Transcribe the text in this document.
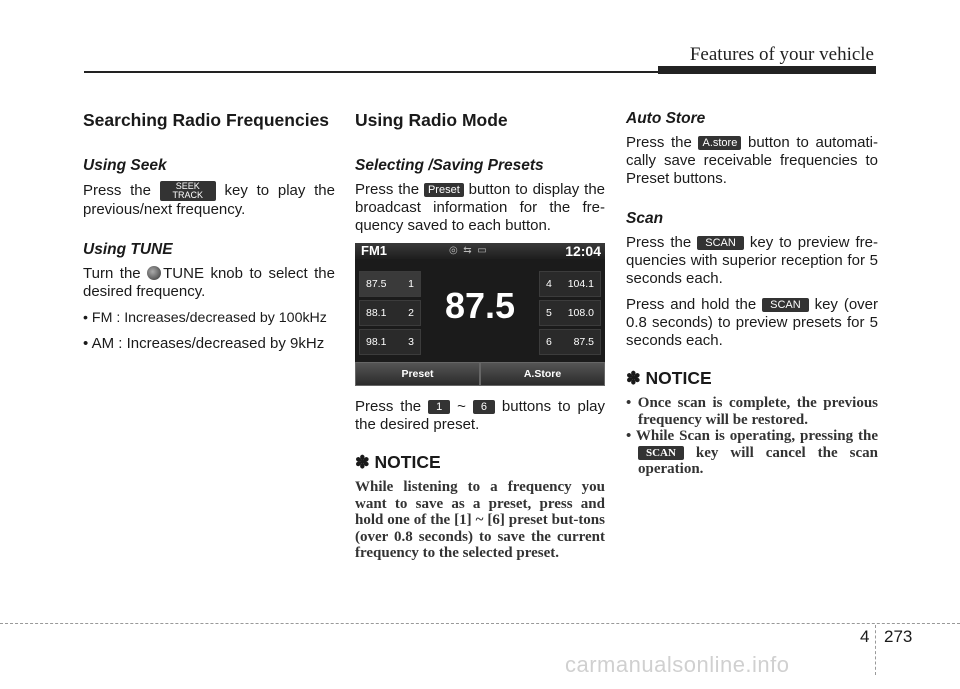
Features of your vehicle
Searching Radio Frequencies
Using Seek

Press the	SEEK
TRACK key to play the previous/next frequency.

Using TUNE

Turn the TUNE knob to select the desired frequency.

• FM : Increases/decreased by 100kHz

• AM : Increases/decreased by 9kHz

Using Radio Mode
Selecting /Saving Presets

Press the Preset button to display the broadcast information for the fre-quency saved to each button.

FM1	◎  ⇆  ▭	12:04
87.5
87.5 1
88.1 2
98.1 3
4 104.1
5 108.0
6 87.5
Preset	A.Store

Press the 1 ~ 6 buttons to play the desired preset.

✽ NOTICE
While listening to a frequency you want to save as a preset, press and hold one of the [1] ~ [6] preset but-tons (over 0.8 seconds) to save the current frequency to the selected preset.
Auto Store

Press the A.store button to automati-cally save receivable frequencies to Preset buttons.

Scan

Press the SCAN key to preview fre-quencies with superior reception for 5 seconds each.

Press and hold the SCAN key (over 0.8 seconds) to preview presets for 5 seconds each.

✽ NOTICE

• Once scan is complete, the previous frequency will be restored.

• While Scan is operating, pressing the SCAN key will cancel the scan operation.

4 273
carmanualsonline.info
